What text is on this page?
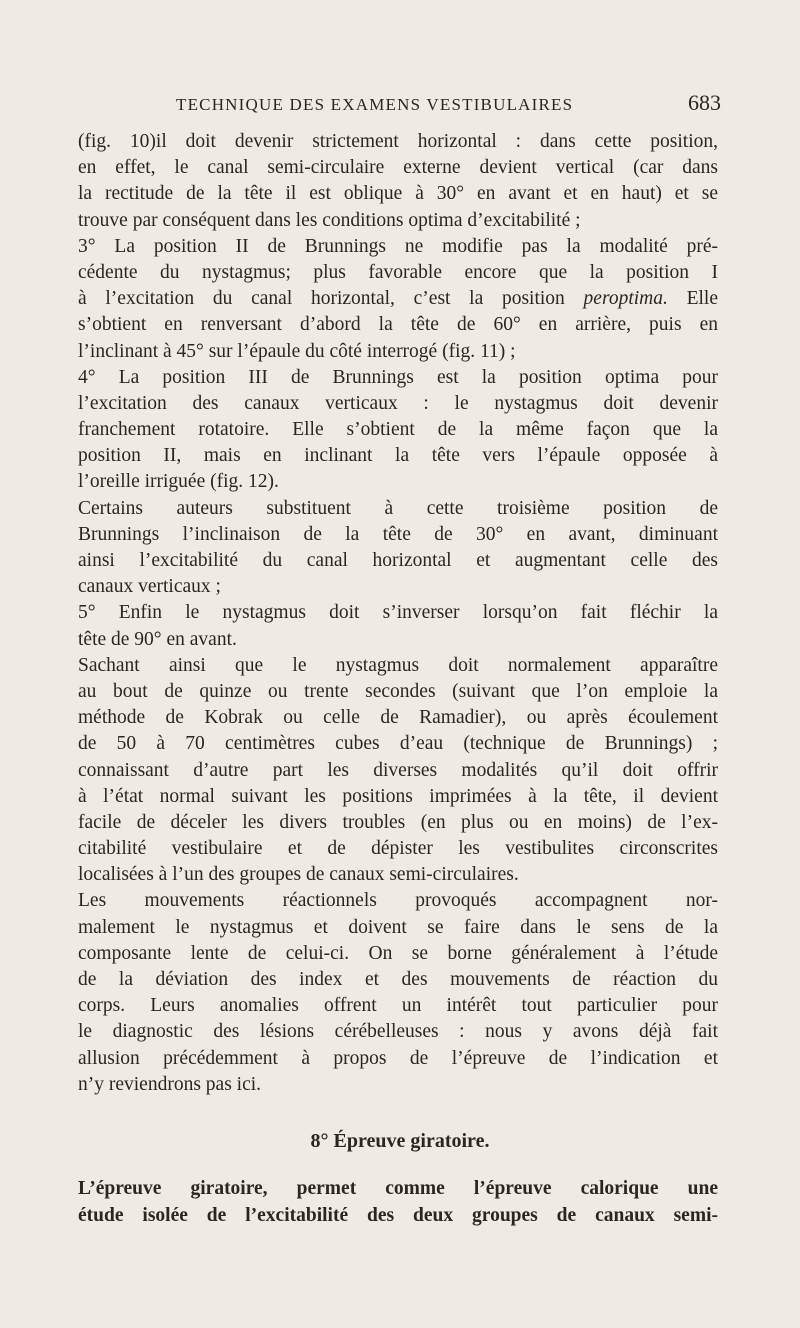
TECHNIQUE DES EXAMENS VESTIBULAIRES	683
(fig. 10)il doit devenir strictement horizontal : dans cette position,
en effet, le canal semi-circulaire externe devient vertical (car dans
la rectitude de la tête il est oblique à 30° en avant et en haut) et se
trouve par conséquent dans les conditions optima d’excitabilité ;
3° La position II de Brunnings ne modifie pas la modalité pré-
cédente du nystagmus; plus favorable encore que la position I
à l’excitation du canal horizontal, c’est la position peroptima. Elle
s’obtient en renversant d’abord la tête de 60° en arrière, puis en
l’inclinant à 45° sur l’épaule du côté interrogé (fig. 11) ;
4° La position III de Brunnings est la position optima pour
l’excitation des canaux verticaux : le nystagmus doit devenir
franchement rotatoire. Elle s’obtient de la même façon que la
position II, mais en inclinant la tête vers l’épaule opposée à
l’oreille irriguée (fig. 12).
Certains auteurs substituent à cette troisième position de
Brunnings l’inclinaison de la tête de 30° en avant, diminuant
ainsi l’excitabilité du canal horizontal et augmentant celle des
canaux verticaux ;
5° Enfin le nystagmus doit s’inverser lorsqu’on fait fléchir la
tête de 90° en avant.
Sachant ainsi que le nystagmus doit normalement apparaître
au bout de quinze ou trente secondes (suivant que l’on emploie la
méthode de Kobrak ou celle de Ramadier), ou après écoulement
de 50 à 70 centimètres cubes d’eau (technique de Brunnings) ;
connaissant d’autre part les diverses modalités qu’il doit offrir
à l’état normal suivant les positions imprimées à la tête, il devient
facile de déceler les divers troubles (en plus ou en moins) de l’ex-
citabilité vestibulaire et de dépister les vestibulites circonscrites
localisées à l’un des groupes de canaux semi-circulaires.
Les mouvements réactionnels provoqués accompagnent nor-
malement le nystagmus et doivent se faire dans le sens de la
composante lente de celui-ci. On se borne généralement à l’étude
de la déviation des index et des mouvements de réaction du
corps. Leurs anomalies offrent un intérêt tout particulier pour
le diagnostic des lésions cérébelleuses : nous y avons déjà fait
allusion précédemment à propos de l’épreuve de l’indication et
n’y reviendrons pas ici.
8° Épreuve giratoire.
L’épreuve giratoire, permet comme l’épreuve calorique une
étude isolée de l’excitabilité des deux groupes de canaux semi-
